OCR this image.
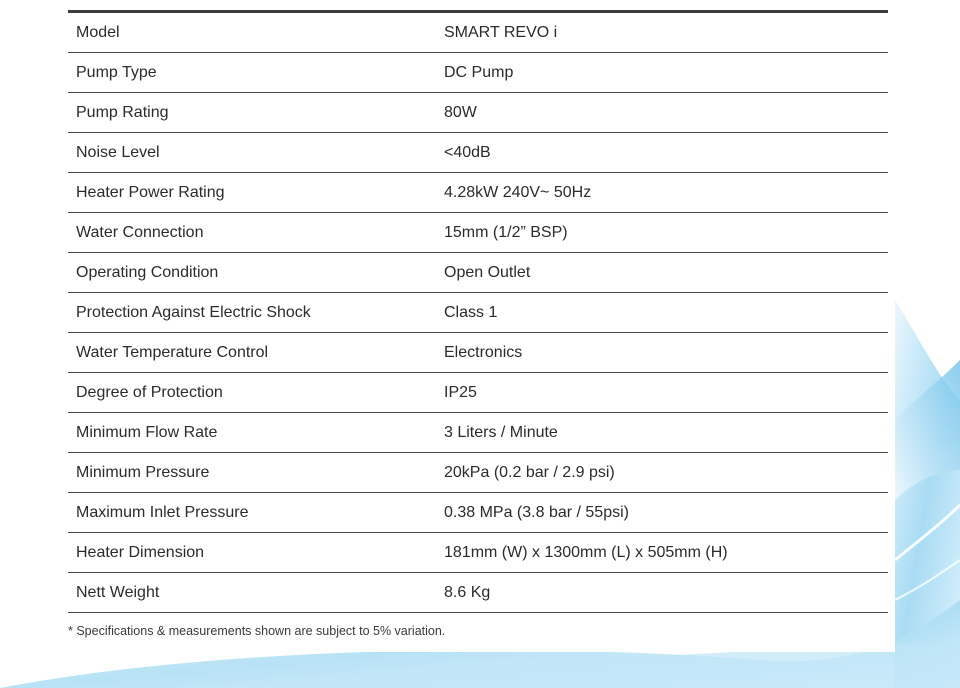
Model	SMART REVO i
Pump Type	DC Pump
Pump Rating	80W
Noise Level	<40dB
Heater Power Rating	4.28kW 240V~ 50Hz
Water Connection	15mm (1/2” BSP)
Operating Condition	Open Outlet
Protection Against Electric Shock	Class 1
Water Temperature Control	Electronics
Degree of Protection	IP25
Minimum Flow Rate	3 Liters / Minute
Minimum Pressure	20kPa (0.2 bar / 2.9 psi)
Maximum Inlet Pressure	0.38 MPa (3.8 bar / 55psi)
Heater Dimension	181mm (W) x 1300mm (L) x 505mm (H)
Nett Weight	8.6 Kg
* Specifications & measurements shown are subject to 5% variation.
